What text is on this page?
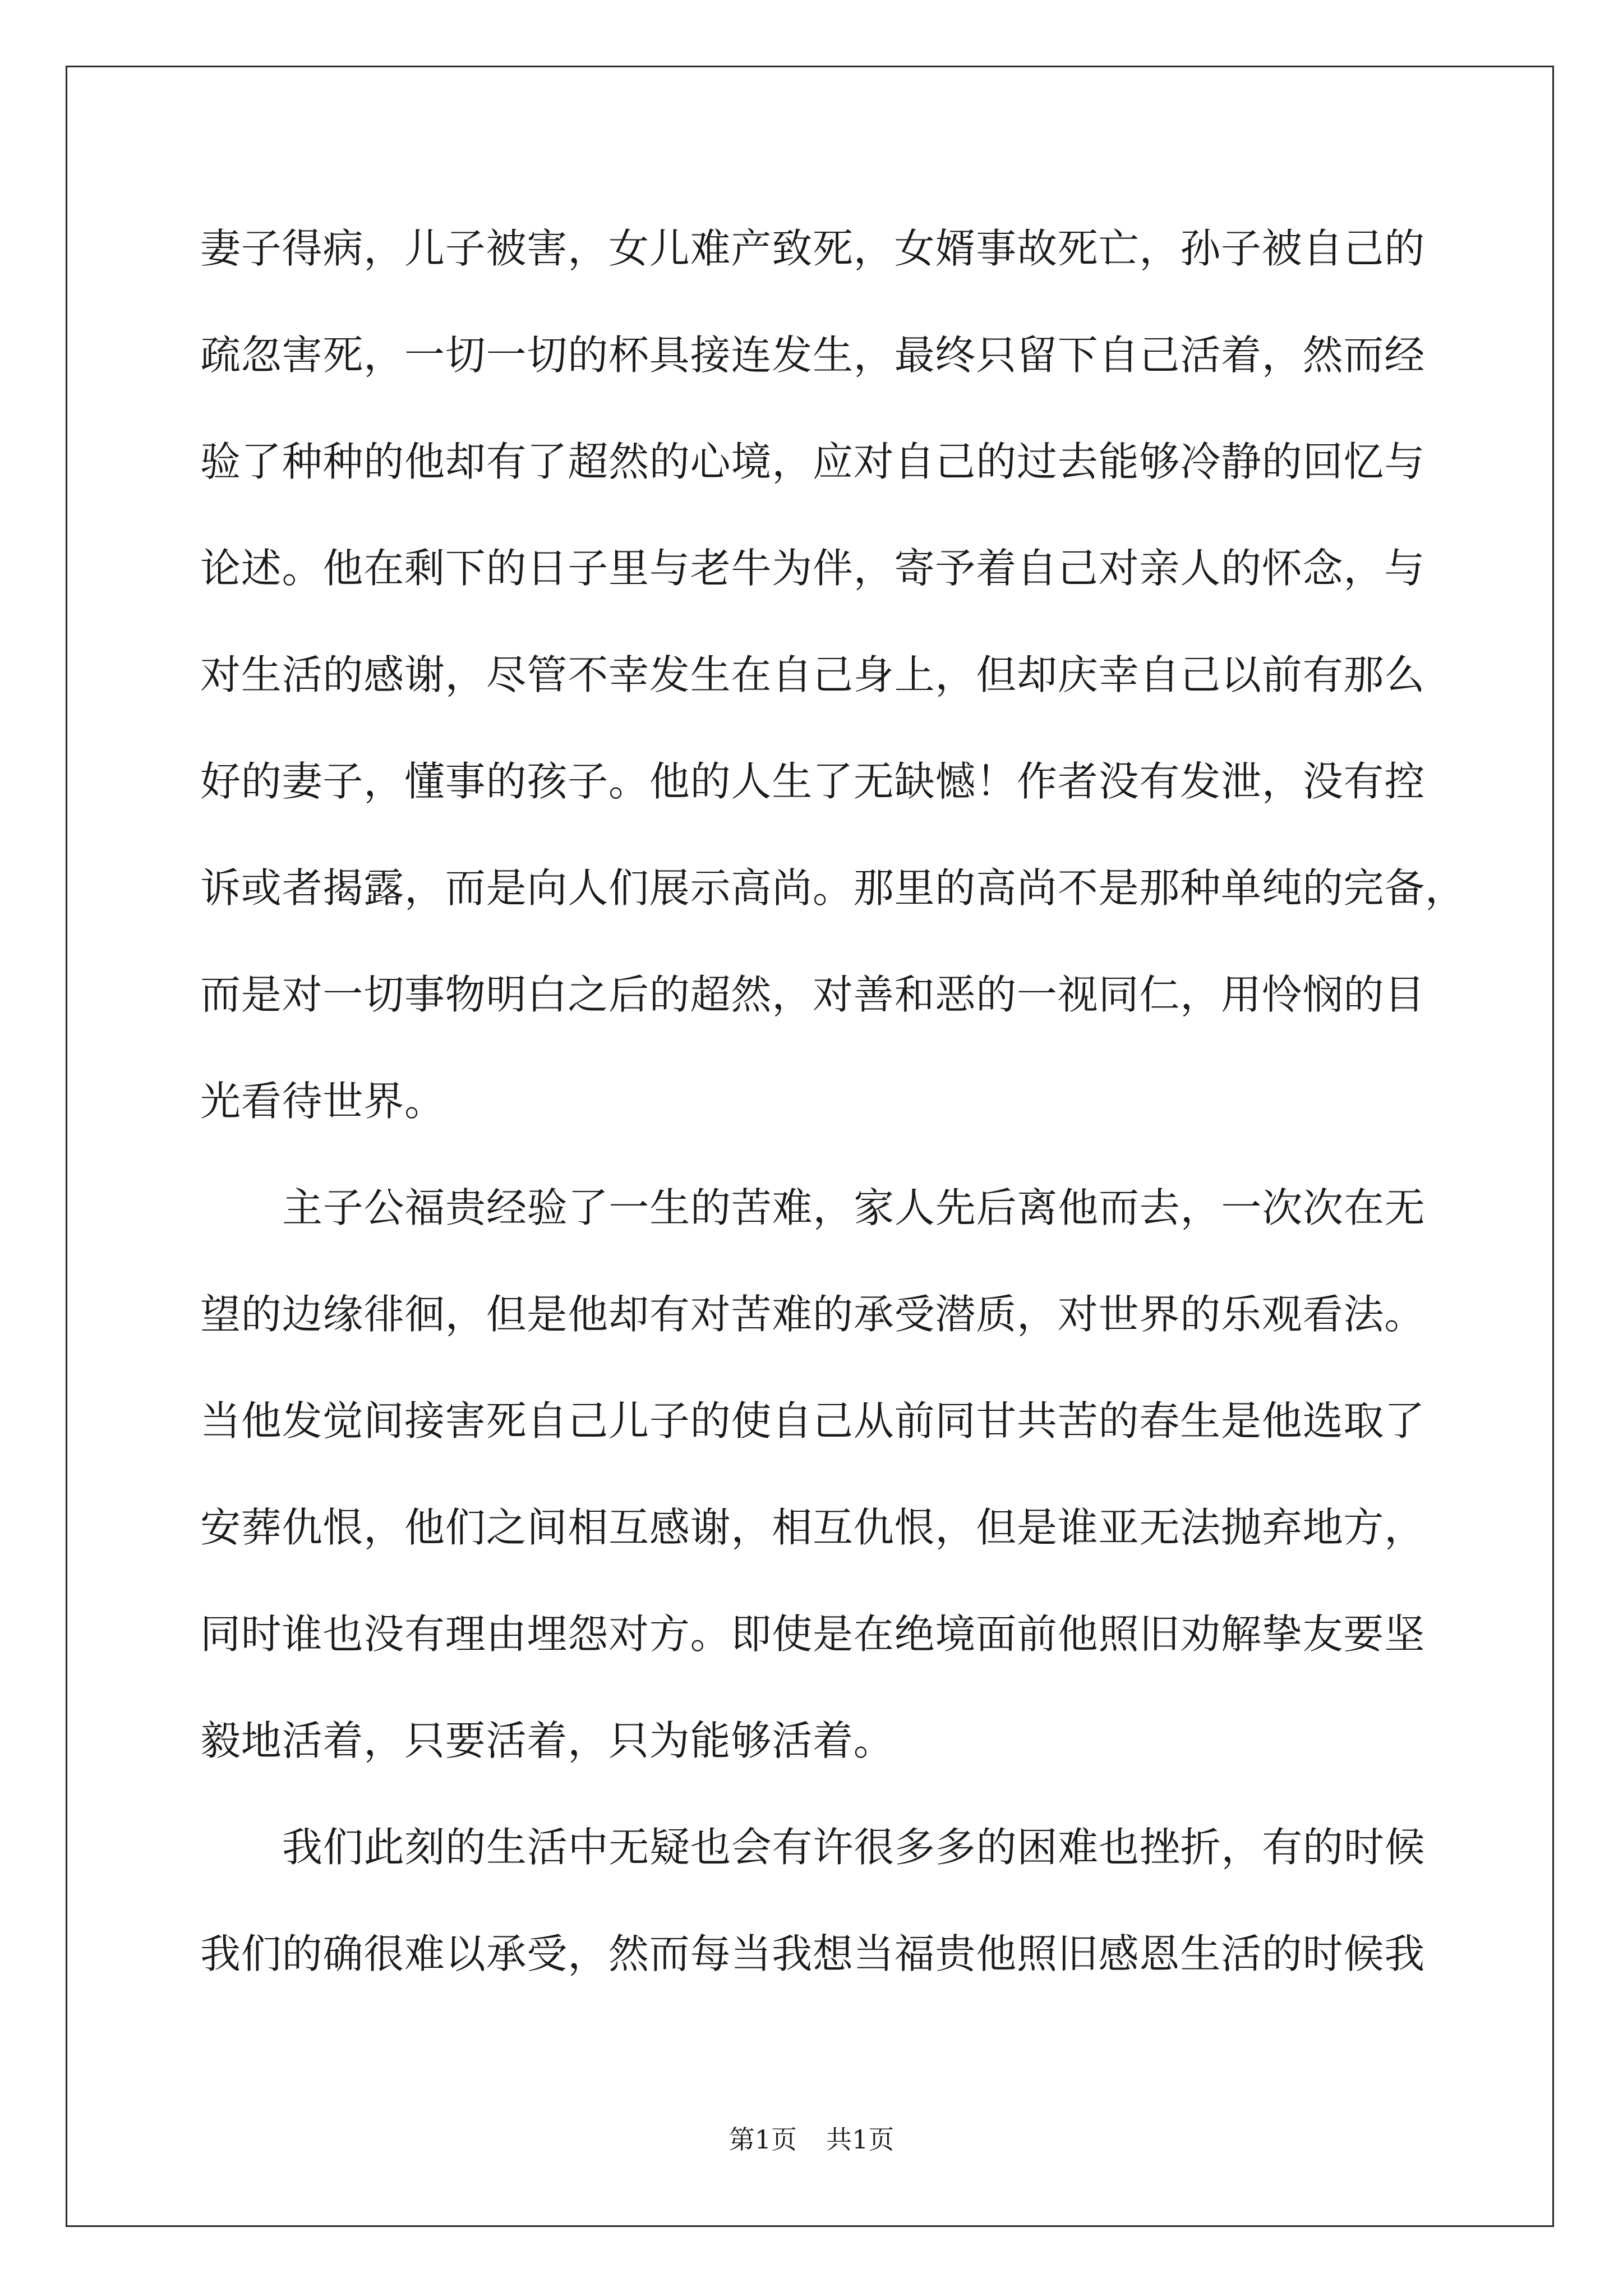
妻子得病，儿子被害，女儿难产致死，女婿事故死亡，孙子被自己的
疏忽害死，一切一切的杯具接连发生，最终只留下自己活着，然而经
验了种种的他却有了超然的心境，应对自己的过去能够冷静的回忆与
论述。他在剩下的日子里与老牛为伴，寄予着自己对亲人的怀念，与
对生活的感谢，尽管不幸发生在自己身上，但却庆幸自己以前有那么
好的妻子，懂事的孩子。他的人生了无缺憾！作者没有发泄，没有控
诉或者揭露，而是向人们展示高尚。那里的高尚不是那种单纯的完备，
而是对一切事物明白之后的超然，对善和恶的一视同仁，用怜悯的目
光看待世界。
主子公福贵经验了一生的苦难，家人先后离他而去，一次次在无
望的边缘徘徊，但是他却有对苦难的承受潜质，对世界的乐观看法。
当他发觉间接害死自己儿子的使自己从前同甘共苦的春生是他选取了
安葬仇恨，他们之间相互感谢，相互仇恨，但是谁亚无法抛弃地方，
同时谁也没有理由埋怨对方。即使是在绝境面前他照旧劝解挚友要坚
毅地活着，只要活着，只为能够活着。
我们此刻的生活中无疑也会有许很多多的困难也挫折，有的时候
我们的确很难以承受，然而每当我想当福贵他照旧感恩生活的时候我
第1页 共1页
